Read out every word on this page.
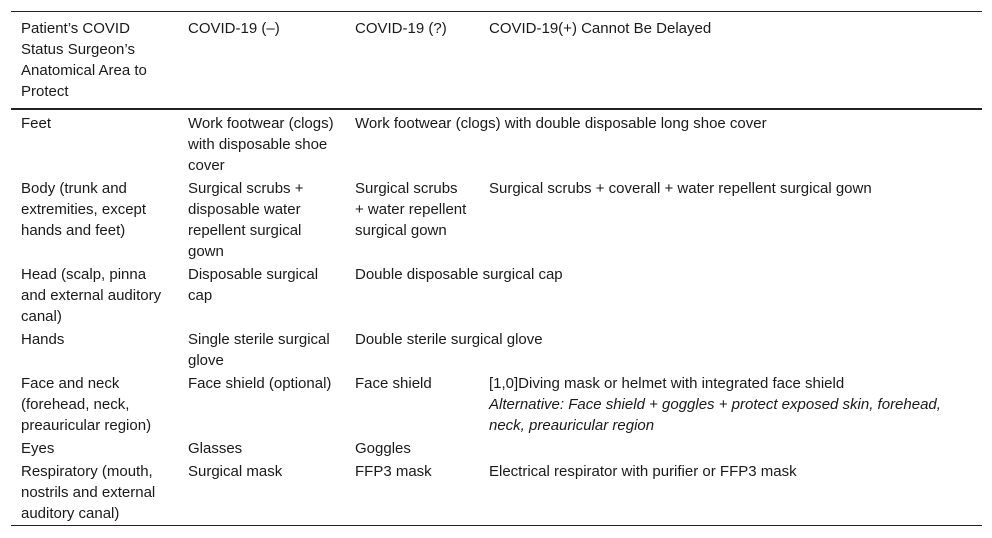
Patient’s COVID Status Surgeon’s Anatomical Area to Protect	COVID-19 (–)	COVID-19 (?)	COVID-19(+) Cannot Be Delayed
Feet	Work footwear (clogs) with disposable shoe cover	Work footwear (clogs) with double disposable long shoe cover	
Body (trunk and extremities, except hands and feet)	Surgical scrubs + disposable water repellent surgical gown	Surgical scrubs + water repellent surgical gown	Surgical scrubs + coverall + water repellent surgical gown
Head (scalp, pinna and external auditory canal)	Disposable surgical cap	Double disposable surgical cap	
Hands	Single sterile surgical glove	Double sterile surgical glove	
Face and neck (forehead, neck, preauricular region)	Face shield (optional)	Face shield	[1,0]Diving mask or helmet with integrated face shield
Alternative: Face shield + goggles + protect exposed skin, forehead, neck, preauricular region

Eyes	Glasses	Goggles	
Respiratory (mouth, nostrils and external auditory canal)	Surgical mask	FFP3 mask	Electrical respirator with purifier or FFP3 mask
